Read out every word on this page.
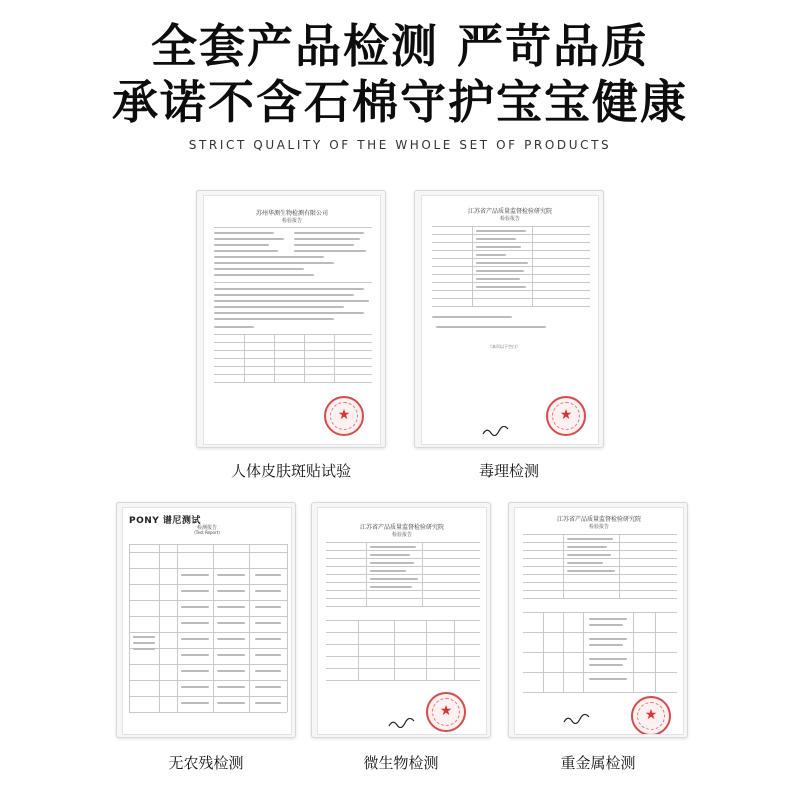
全套产品检测 严苛品质
承诺不含石棉守护宝宝健康
STRICT QUALITY OF THE WHOLE SET OF PRODUCTS
苏州华测生物检测有限公司
检验报告
★
人体皮肤斑贴试验
江苏省产品质量监督检验研究院
检验报告
（本页以下空白）
★
毒理检测
PONY 谱尼测试
检测报告
(Test Report)
无农残检测
江苏省产品质量监督检验研究院
检验报告
★
微生物检测
江苏省产品质量监督检验研究院
检验报告
★
重金属检测
